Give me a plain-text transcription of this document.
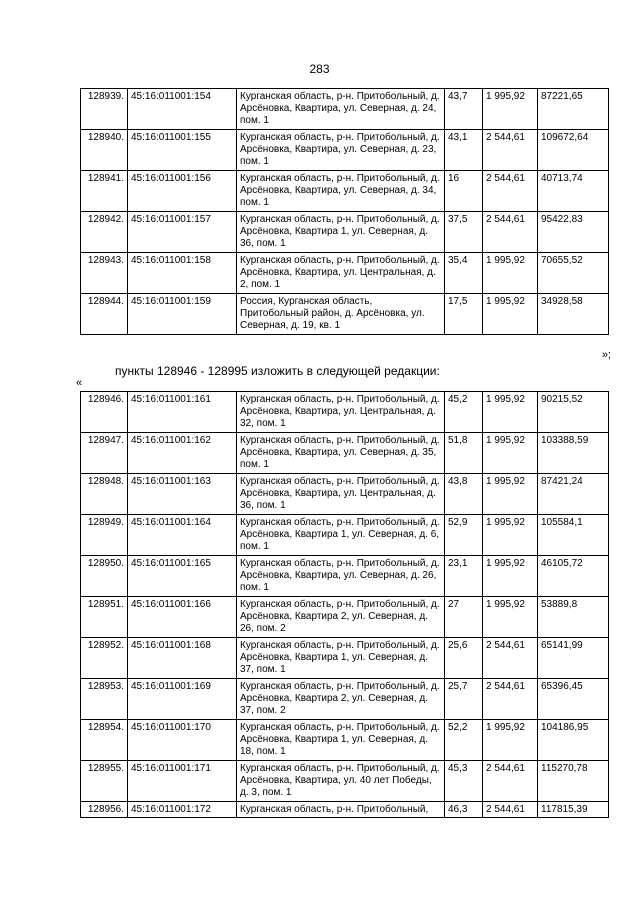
283
128939.	45:16:011001:154	Курганская область, р-н. Притобольный, д. Арсёновка, Квартира, ул. Северная, д. 24, пом. 1	43,7	1 995,92	87221,65
128940.	45:16:011001:155	Курганская область, р-н. Притобольный, д. Арсёновка, Квартира, ул. Северная, д. 23, пом. 1	43,1	2 544,61	109672,64
128941.	45:16:011001:156	Курганская область, р-н. Притобольный, д. Арсёновка, Квартира, ул. Северная, д. 34, пом. 1	16	2 544,61	40713,74
128942.	45:16:011001:157	Курганская область, р-н. Притобольный, д. Арсёновка, Квартира 1, ул. Северная, д. 36, пом. 1	37,5	2 544,61	95422,83
128943.	45:16:011001:158	Курганская область, р-н. Притобольный, д. Арсёновка, Квартира, ул. Центральная, д. 2, пом. 1	35,4	1 995,92	70655,52
128944.	45:16:011001:159	Россия, Курганская область, Притобольный район, д. Арсёновка, ул. Северная, д. 19, кв. 1	17,5	1 995,92	34928,58
»;
пункты 128946 - 128995 изложить в следующей редакции:
«
128946.	45:16:011001:161	Курганская область, р-н. Притобольный, д. Арсёновка, Квартира, ул. Центральная, д. 32, пом. 1	45,2	1 995,92	90215,52
128947.	45:16:011001:162	Курганская область, р-н. Притобольный, д. Арсёновка, Квартира, ул. Северная, д. 35, пом. 1	51,8	1 995,92	103388,59
128948.	45:16:011001:163	Курганская область, р-н. Притобольный, д. Арсёновка, Квартира, ул. Центральная, д. 36, пом. 1	43,8	1 995,92	87421,24
128949.	45:16:011001:164	Курганская область, р-н. Притобольный, д. Арсёновка, Квартира 1, ул. Северная, д. 6, пом. 1	52,9	1 995,92	105584,1
128950.	45:16:011001:165	Курганская область, р-н. Притобольный, д. Арсёновка, Квартира, ул. Северная, д. 26, пом. 1	23,1	1 995,92	46105,72
128951.	45:16:011001:166	Курганская область, р-н. Притобольный, д. Арсёновка, Квартира 2, ул. Северная, д. 26, пом. 2	27	1 995,92	53889,8
128952.	45:16:011001:168	Курганская область, р-н. Притобольный, д. Арсёновка, Квартира 1, ул. Северная, д. 37, пом. 1	25,6	2 544,61	65141,99
128953.	45:16:011001:169	Курганская область, р-н. Притобольный, д. Арсёновка, Квартира 2, ул. Северная, д. 37, пом. 2	25,7	2 544,61	65396,45
128954.	45:16:011001:170	Курганская область, р-н. Притобольный, д. Арсёновка, Квартира 1, ул. Северная, д. 18, пом. 1	52,2	1 995,92	104186,95
128955.	45:16:011001:171	Курганская область, р-н. Притобольный, д. Арсёновка, Квартира, ул. 40 лет Победы, д. 3, пом. 1	45,3	2 544,61	115270,78
128956.	45:16:011001:172	Курганская область, р-н. Притобольный,	46,3	2 544,61	117815,39
